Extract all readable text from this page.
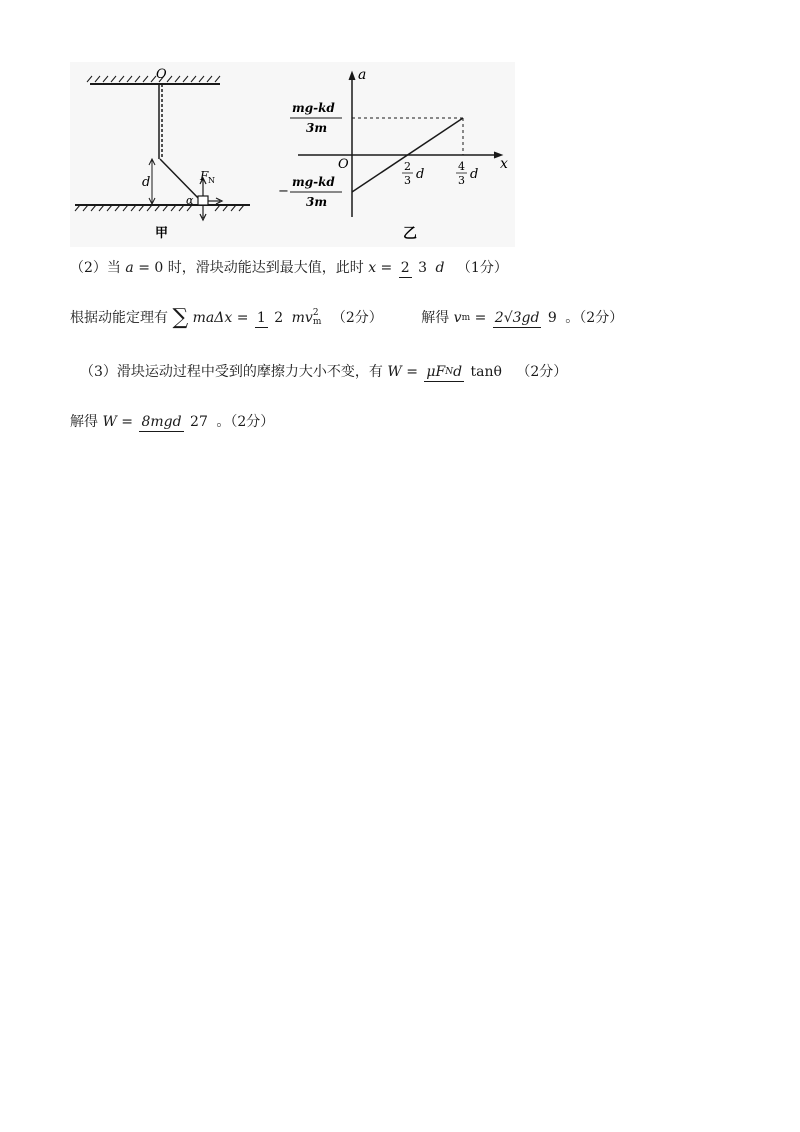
O
d
α
F N
甲
a
x
O
mg-kd
3m
−
mg-kd
3m
2
3 d
4
3 d
乙
（2）当 a = 0 时，滑块动能达到最大值，此时 x = 2 3 d （1分）
根据动能定理有 ∑ maΔx = 1 2 mv 2
m （2分）	解得 vm = 2√3gd 9 。（2分）
（3）滑块运动过程中受到的摩擦力大小不变，有 W = μFNd tanθ （2分）
解得 W = 8mgd 27 。（2分）
